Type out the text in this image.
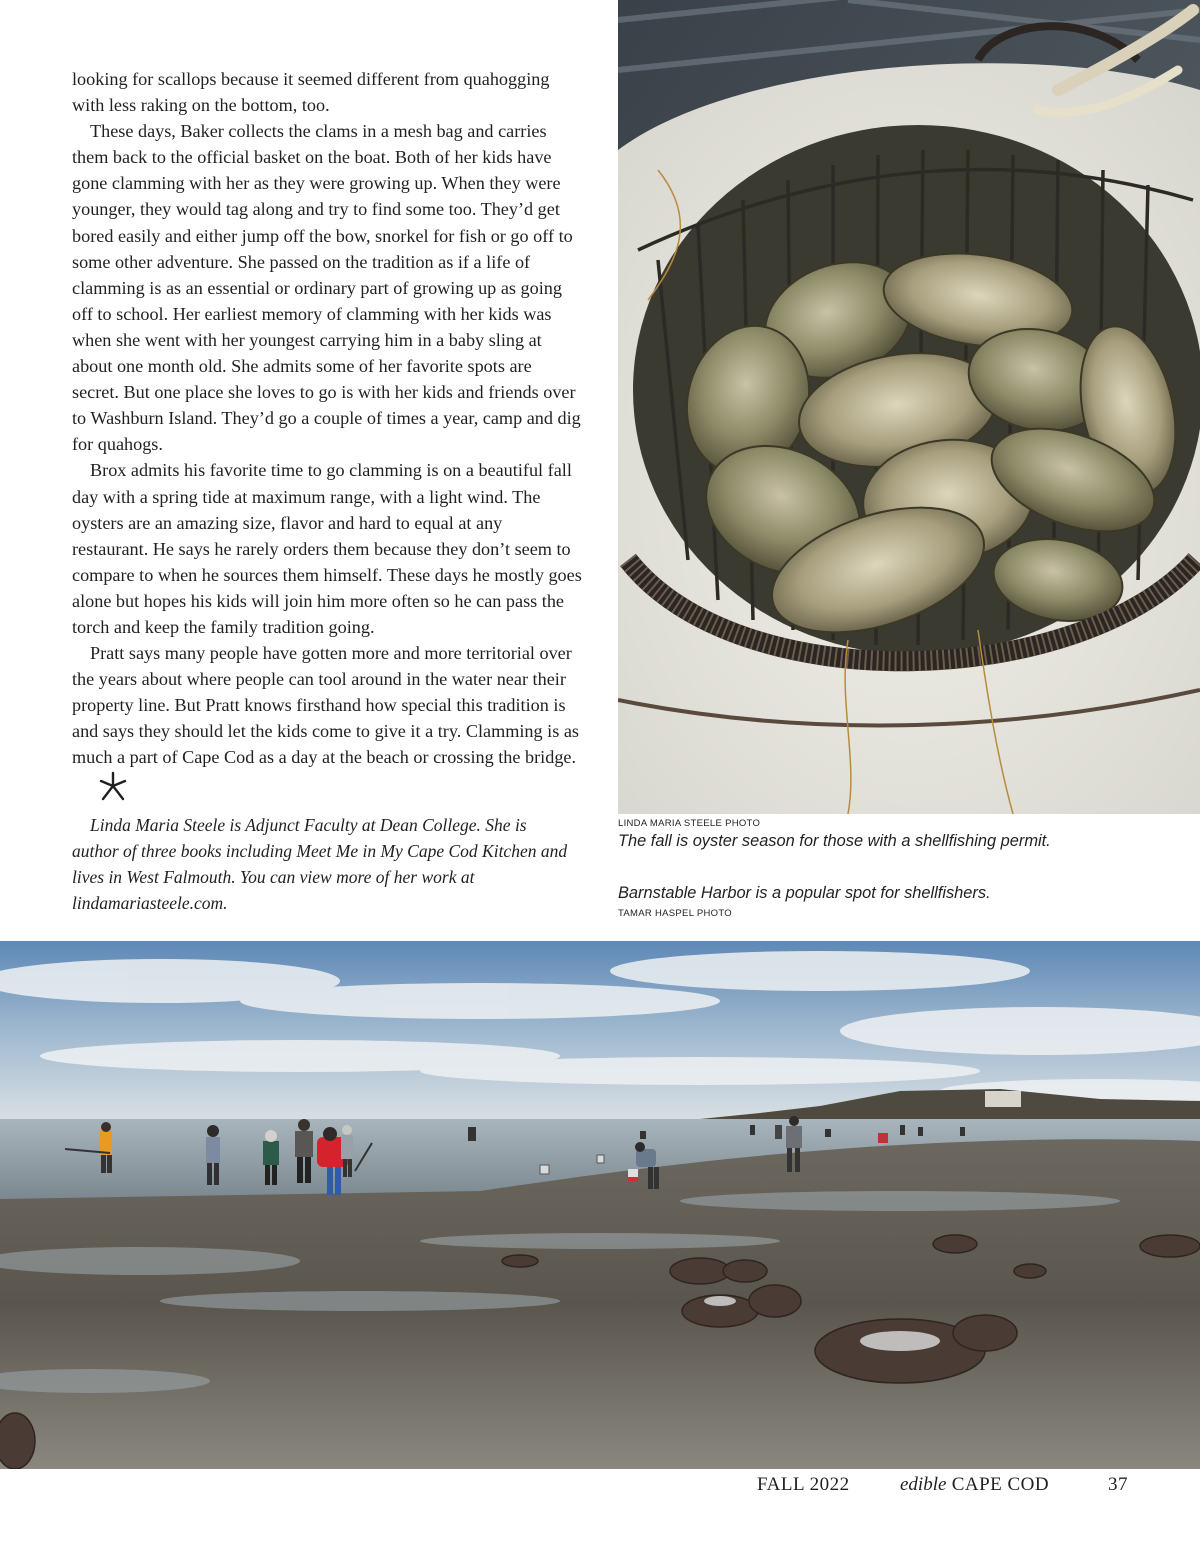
looking for scallops because it seemed different from quahogging with less raking on the bottom, too.

These days, Baker collects the clams in a mesh bag and carries them back to the official basket on the boat. Both of her kids have gone clamming with her as they were growing up. When they were younger, they would tag along and try to find some too. They’d get bored easily and either jump off the bow, snorkel for fish or go off to some other adventure. She passed on the tradition as if a life of clamming is as an essential or ordinary part of growing up as going off to school. Her earliest memory of clamming with her kids was when she went with her youngest carrying him in a baby sling at about one month old. She admits some of her favorite spots are secret. But one place she loves to go is with her kids and friends over to Washburn Island. They’d go a couple of times a year, camp and dig for quahogs.

Brox admits his favorite time to go clamming is on a beautiful fall day with a spring tide at maximum range, with a light wind. The oysters are an amazing size, flavor and hard to equal at any restaurant. He says he rarely orders them because they don’t seem to compare to when he sources them himself. These days he mostly goes alone but hopes his kids will join him more often so he can pass the torch and keep the family tradition going.

Pratt says many people have gotten more and more territorial over the years about where people can tool around in the water near their property line. But Pratt knows firsthand how special this tradition is and says they should let the kids come to give it a try. Clamming is as much a part of Cape Cod as a day at the beach or crossing the bridge.

Linda Maria Steele is Adjunct Faculty at Dean College. She is author of three books including Meet Me in My Cape Cod Kitchen and lives in West Falmouth. You can view more of her work at lindamariasteele.com.

LINDA MARIA STEELE PHOTO
The fall is oyster season for those with a shellfishing permit.
Barnstable Harbor is a popular spot for shellfishers.
TAMAR HASPEL PHOTO
FALL 2022	edible CAPE COD	37
